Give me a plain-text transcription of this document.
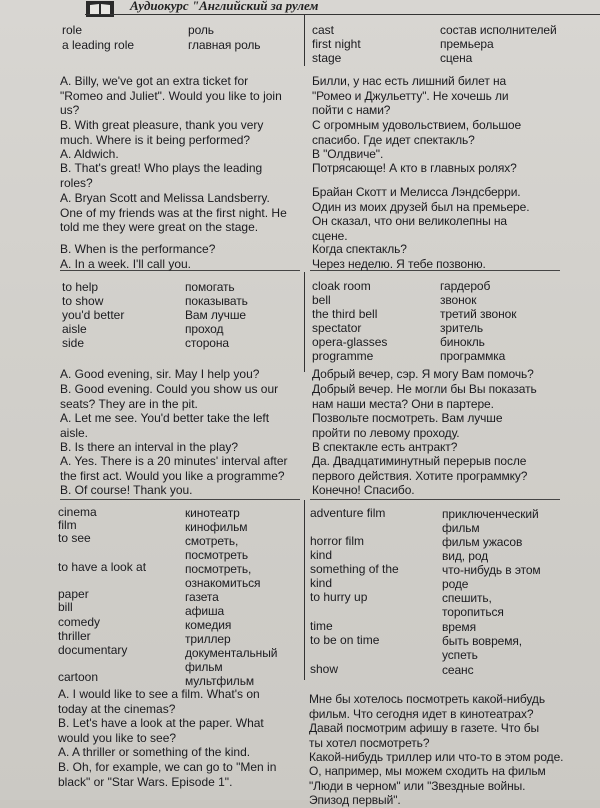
Аудиокурс "Английский за рулем
role	роль
a leading role	главная роль
cast	состав исполнителей
first night	премьера
stage	сцена
A. Billy, we've got an extra ticket for
"Romeo and Juliet". Would you like to join
us?
B. With great pleasure, thank you very
much. Where is it being performed?
A. Aldwich.
B. That's great! Who plays the leading
roles?
A. Bryan Scott and Melissa Landsberry.
One of my friends was at the first night. He
told me they were great on the stage.
B. When is the performance?
A. In a week. I'll call you.
Билли, у нас есть лишний билет на
"Ромео и Джульетту". Не хочешь ли
пойти с нами?
С огромным удовольствием, большое
спасибо. Где идет спектакль?
В "Олдвиче".
Потрясающе! А кто в главных ролях?
Брайан Скотт и Мелисса Лэндсберри.
Один из моих друзей был на премьере.
Он сказал, что они великолепны на
сцене.
Когда спектакль?
Через неделю. Я тебе позвоню.
to help	помогать
to show	показывать
you'd better	Вам лучше
aisle	проход
side	сторона
cloak room	гардероб
bell	звонок
the third bell	третий звонок
spectator	зритель
opera-glasses	бинокль
programme	программка
A. Good evening, sir. May I help you?
B. Good evening. Could you show us our
seats? They are in the pit.
A. Let me see. You'd better take the left
aisle.
B. Is there an interval in the play?
A. Yes. There is a 20 minutes' interval after
the first act. Would you like a programme?
B. Of course! Thank you.
Добрый вечер, сэр. Я могу Вам помочь?
Добрый вечер. Не могли бы Вы показать
нам наши места? Они в партере.
Позвольте посмотреть. Вам лучше
пройти по левому проходу.
В спектакле есть антракт?
Да. Двадцатиминутный перерыв после
первого действия. Хотите программку?
Конечно! Спасибо.
cinema	кинотеатр
film	кинофильм
to see	смотреть,
посмотреть
to have a look at	посмотреть,
ознакомиться
paper	газета
bill	афиша
comedy	комедия
thriller	триллер
documentary	документальный
фильм
cartoon	мультфильм
adventure film	приключенческий
фильм
horror film	фильм ужасов
kind	вид, род
something of the	что-нибудь в этом
kind	роде
to hurry up	спешить,
торопиться
time	время
to be on time	быть вовремя,
успеть
show	сеанс
A. I would like to see a film. What's on
today at the cinemas?
B. Let's have a look at the paper. What
would you like to see?
A. A thriller or something of the kind.
B. Oh, for example, we can go to "Men in
black" or "Star Wars. Episode 1".
Мне бы хотелось посмотреть какой-нибудь
фильм. Что сегодня идет в кинотеатрах?
Давай посмотрим афишу в газете. Что бы
ты хотел посмотреть?
Какой-нибудь триллер или что-то в этом роде.
О, например, мы можем сходить на фильм
"Люди в черном" или "Звездные войны.
Эпизод первый".
